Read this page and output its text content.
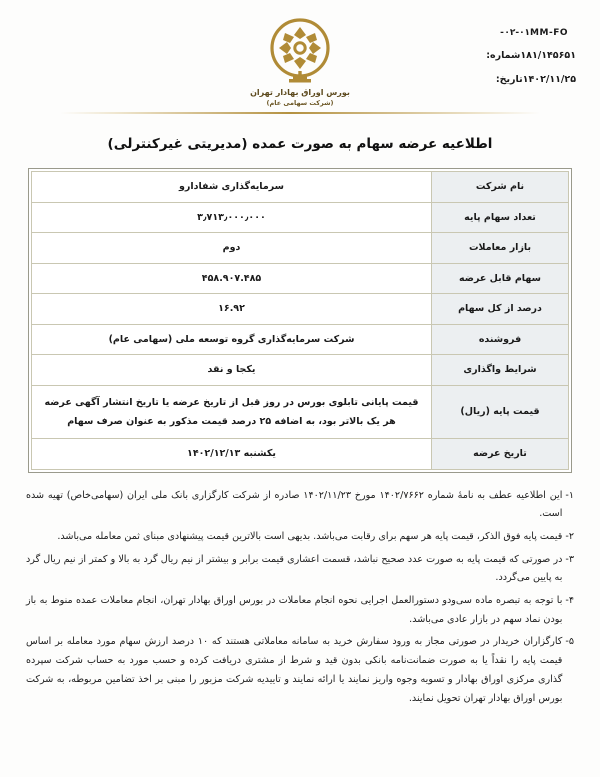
۰۲-۰۱MM-FO-
۱۸۱/۱۴۵۶۵۱شماره:
۱۴۰۲/۱۱/۲۵تاریخ:
بورس اوراق بهادار تهران
(شرکت سهامی عام)
اطلاعیه عرضه سهام به صورت عمده (مدیریتی غیرکنترلی)
نام شرکت	سرمایه‌گذاری شفادارو
تعداد سهام پایه	۳٫۷۱۳٫۰۰۰٫۰۰۰
بازار معاملات	دوم
سهام قابل عرضه	۴۵۸.۹۰۷.۴۸۵
درصد از کل سهام	۱۶.۹۲
فروشنده	شرکت سرمایه‌گذاری گروه توسعه ملی (سهامی عام)
شرایط واگذاری	یکجا و نقد
قیمت پایه (ریال)	قیمت پایانی تابلوی بورس در روز قبل از تاریخ عرضه یا تاریخ انتشار آگهی عرضه هر یک بالاتر بود، به اضافه ۲۵ درصد قیمت مذکور به عنوان صرف سهام
تاریخ عرضه	یکشنبه ۱۴۰۲/۱۲/۱۳
۱-
این اطلاعیه عطف به نامۀ شماره ۱۴۰۲/۷۶۶۲ مورخ ۱۴۰۲/۱۱/۲۳ صادره از شرکت کارگزاری بانک ملی ایران (سهامی‌خاص) تهیه شده است.
۲-
قیمت پایه فوق الذکر، قیمت پایه هر سهم برای رقابت می‌باشد. بدیهی است بالاترین قیمت پیشنهادی مبنای ثمن معامله می‌باشد.
۳-
در صورتی که قیمت پایه به صورت عدد صحیح نباشد، قسمت اعشاری قیمت برابر و بیشتر از نیم ریال گرد به بالا و کمتر از نیم ریال گرد به پایین می‌گردد.
۴-
با توجه به تبصره ماده سی‌ودو دستورالعمل اجرایی نحوه انجام معاملات در بورس اوراق بهادار تهران، انجام معاملات عمده منوط به باز بودن نماد سهم در بازار عادی می‌باشد.
۵-
کارگزاران خریدار در صورتی مجاز به ورود سفارش خرید به سامانه معاملاتی هستند که ۱۰ درصد ارزش سهام مورد معامله بر اساس قیمت پایه را نقداً یا به صورت ضمانت‌نامه بانکی بدون قید و شرط از مشتری دریافت کرده و حسب مورد به حساب شرکت سپرده گذاری مرکزی اوراق بهادار و تسویه وجوه واریز نمایند یا ارائه نمایند و تاییدیه شرکت مزبور را مبنی بر اخذ تضامین مربوطه، به شرکت بورس اوراق بهادار تهران تحویل نمایند.
